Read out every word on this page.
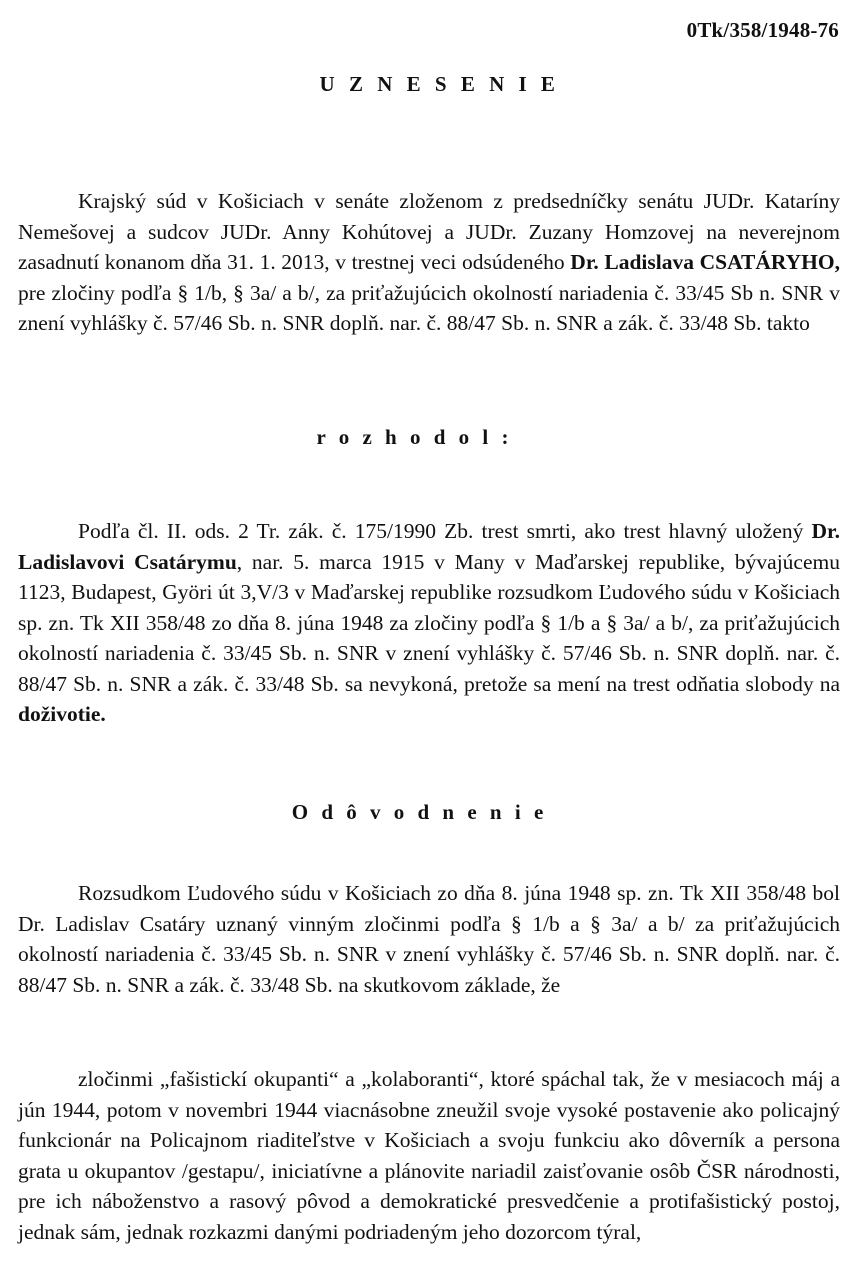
0Tk/358/1948-76
U Z N E S E N I E

Krajský súd v Košiciach v senáte zloženom z predsedníčky senátu JUDr. Kataríny Nemešovej a sudcov JUDr. Anny Kohútovej a JUDr. Zuzany Homzovej na neverejnom zasadnutí konanom dňa 31. 1. 2013, v trestnej veci odsúdeného Dr. Ladislava CSATÁRYHO, pre zločiny podľa § 1/b, § 3a/ a b/, za priťažujúcich okolností nariadenia č. 33/45 Sb n. SNR v znení vyhlášky č. 57/46 Sb. n. SNR doplň. nar. č. 88/47 Sb. n. SNR a zák. č. 33/48 Sb. takto

r o z h o d o l :

Podľa čl. II. ods. 2 Tr. zák. č. 175/1990 Zb. trest smrti, ako trest hlavný uložený Dr. Ladislavovi Csatárymu, nar. 5. marca 1915 v Many v Maďarskej republike, bývajúcemu 1123, Budapest, Györi út 3,V/3 v Maďarskej republike rozsudkom Ľudového súdu v Košiciach sp. zn. Tk XII 358/48 zo dňa 8. júna 1948 za zločiny podľa § 1/b a § 3a/ a b/, za priťažujúcich okolností nariadenia č. 33/45 Sb. n. SNR v znení vyhlášky č. 57/46 Sb. n. SNR doplň. nar. č. 88/47 Sb. n. SNR a zák. č. 33/48 Sb. sa nevykoná, pretože sa mení na trest odňatia slobody na doživotie.

O d ô v o d n e n i e

Rozsudkom Ľudového súdu v Košiciach zo dňa 8. júna 1948 sp. zn. Tk XII 358/48 bol Dr. Ladislav Csatáry uznaný vinným zločinmi podľa § 1/b a § 3a/ a b/ za priťažujúcich okolností nariadenia č. 33/45 Sb. n. SNR v znení vyhlášky č. 57/46 Sb. n. SNR doplň. nar. č. 88/47 Sb. n. SNR a zák. č. 33/48 Sb. na skutkovom základe, že

zločinmi „fašistickí okupanti“ a „kolaboranti“, ktoré spáchal tak, že v mesiacoch máj a jún 1944, potom v novembri 1944 viacnásobne zneužil svoje vysoké postavenie ako policajný funkcionár na Policajnom riaditeľstve v Košiciach a svoju funkciu ako dôverník a persona grata u okupantov /gestapu/, iniciatívne a plánovite nariadil zaisťovanie osôb ČSR národnosti, pre ich náboženstvo a rasový pôvod a demokratické presvedčenie a protifašistický postoj, jednak sám, jednak rozkazmi danými podriadeným jeho dozorcom týral,
